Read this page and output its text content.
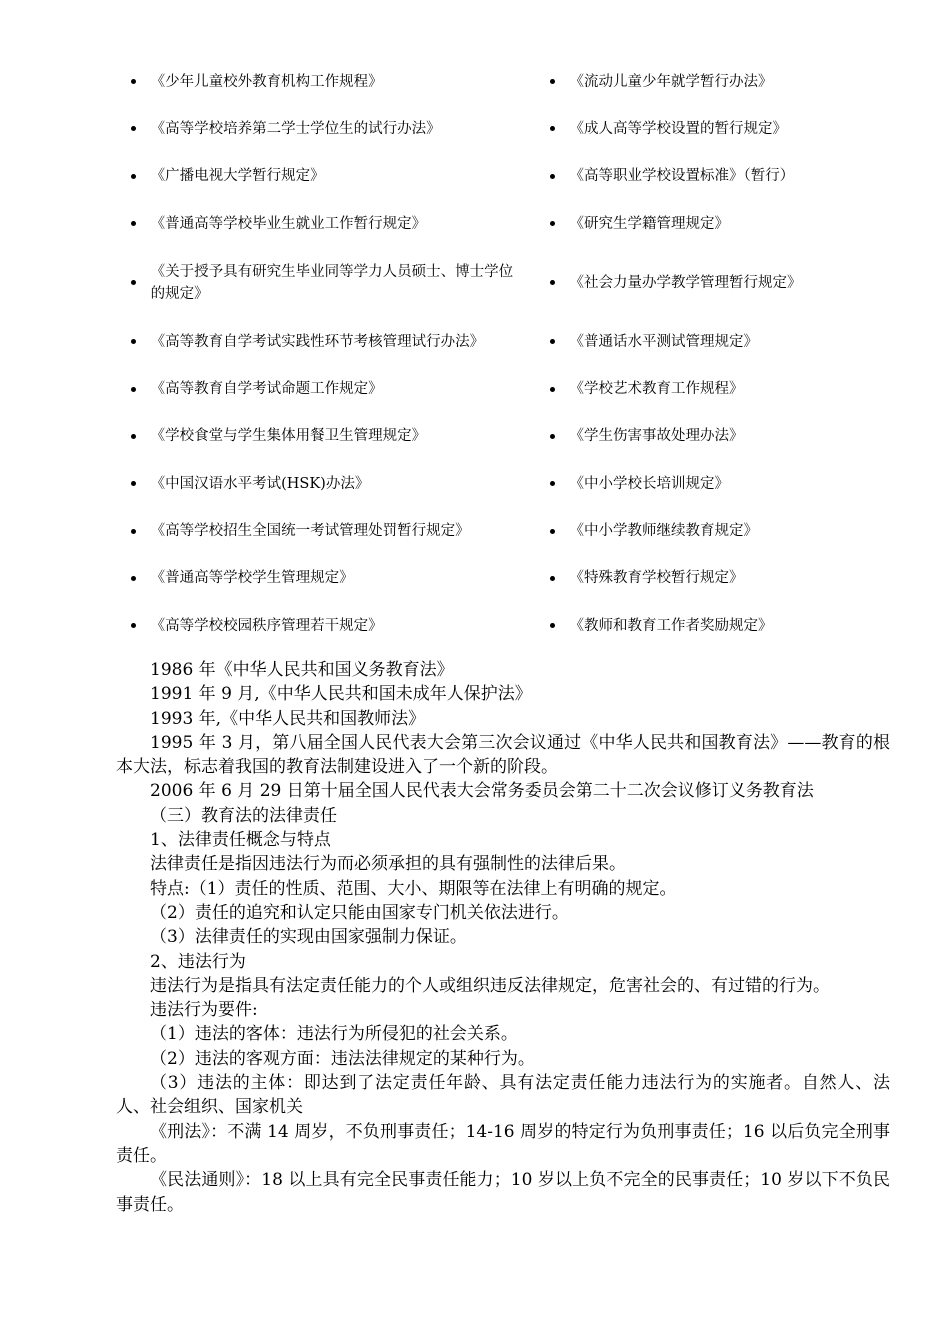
	《少年儿童校外教育机构工作规程》		《流动儿童少年就学暂行办法》
	《高等学校培养第二学士学位生的试行办法》		《成人高等学校设置的暂行规定》
	《广播电视大学暂行规定》		《高等职业学校设置标准》（暂行）
	《普通高等学校毕业生就业工作暂行规定》		《研究生学籍管理规定》
	《关于授予具有研究生毕业同等学力人员硕士、博士学位的规定》		《社会力量办学教学管理暂行规定》
	《高等教育自学考试实践性环节考核管理试行办法》		《普通话水平测试管理规定》
	《高等教育自学考试命题工作规定》		《学校艺术教育工作规程》
	《学校食堂与学生集体用餐卫生管理规定》		《学生伤害事故处理办法》
	《中国汉语水平考试(HSK)办法》		《中小学校长培训规定》
	《高等学校招生全国统一考试管理处罚暂行规定》		《中小学教师继续教育规定》
	《普通高等学校学生管理规定》		《特殊教育学校暂行规定》
	《高等学校校园秩序管理若干规定》		《教师和教育工作者奖励规定》

1986 年《中华人民共和国义务教育法》

1991 年 9 月,《中华人民共和国未成年人保护法》

1993 年,《中华人民共和国教师法》

1995 年 3 月，第八届全国人民代表大会第三次会议通过《中华人民共和国教育法》——教育的根本大法，标志着我国的教育法制建设进入了一个新的阶段。

2006 年 6 月 29 日第十届全国人民代表大会常务委员会第二十二次会议修订义务教育法

（三）教育法的法律责任

1、法律责任概念与特点

法律责任是指因违法行为而必须承担的具有强制性的法律后果。

特点:（1）责任的性质、范围、大小、期限等在法律上有明确的规定。

（2）责任的追究和认定只能由国家专门机关依法进行。

（3）法律责任的实现由国家强制力保证。

2、违法行为

违法行为是指具有法定责任能力的个人或组织违反法律规定，危害社会的、有过错的行为。

违法行为要件:

（1）违法的客体：违法行为所侵犯的社会关系。

（2）违法的客观方面：违法法律规定的某种行为。

（3）违法的主体：即达到了法定责任年龄、具有法定责任能力违法行为的实施者。自然人、法人、社会组织、国家机关

《刑法》：不满 14 周岁，不负刑事责任；14-16 周岁的特定行为负刑事责任；16 以后负完全刑事责任。

《民法通则》：18 以上具有完全民事责任能力；10 岁以上负不完全的民事责任；10 岁以下不负民事责任。
